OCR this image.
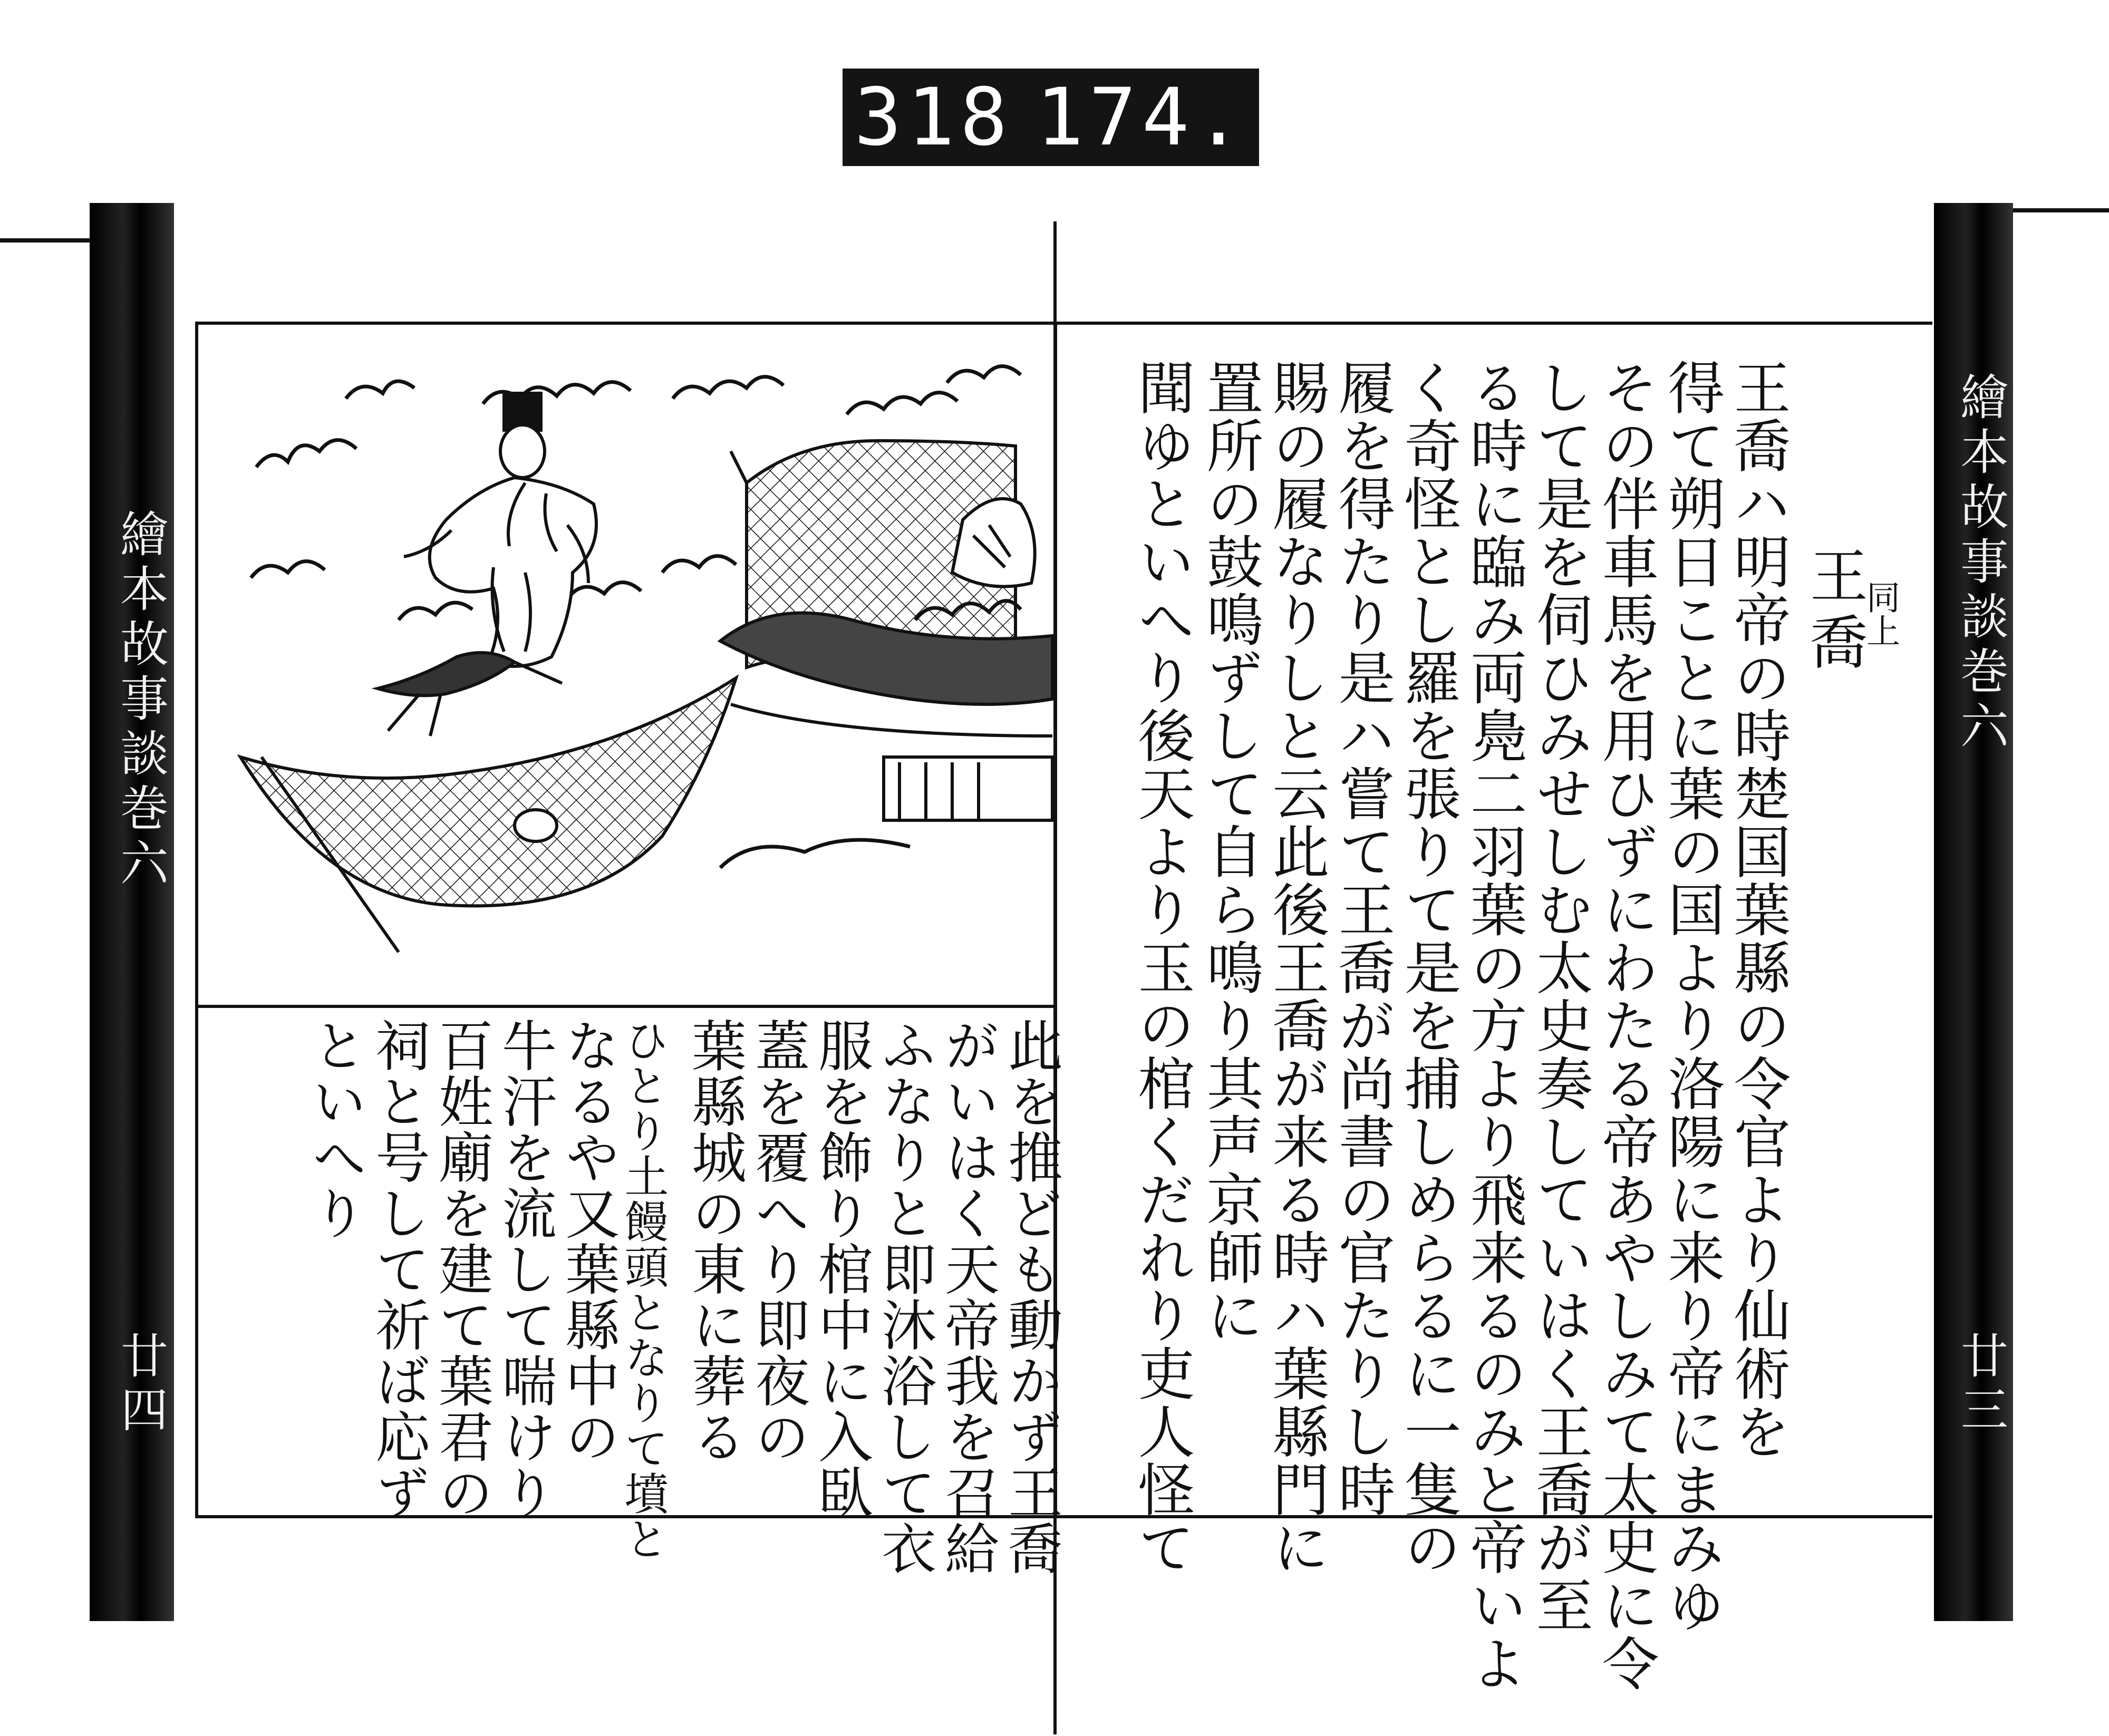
318 174.
繪本故事談巻六
廿四
繪本故事談巻六
廿三
王喬
同上
王喬ハ明帝の時楚国葉縣の令官より仙術を
得て朔日ことに葉の国より洛陽に来り帝にまみゆ
その伴車馬を用ひずにわたる帝あやしみて太史に令
して是を伺ひみせしむ太史奏していはく王喬が至
る時に臨み両鳧二羽葉の方より飛来るのみと帝いよ
く奇怪とし羅を張りて是を捕しめらるに一隻の
履を得たり是ハ嘗て王喬が尚書の官たりし時
賜の履なりしと云此後王喬が来る時ハ葉縣門に
置所の鼓鳴ずして自ら鳴り其声京師に
聞ゆといへり後天より玉の棺くだれり吏人怪て
此を推ども動かず王喬
がいはく天帝我を召給
ふなりと即沐浴して衣
服を飾り棺中に入臥
蓋を覆へり即夜の
葉縣城の東に葬る
ひとり土饅頭となりて墳と
なるや又葉縣中の
牛汗を流して喘けり
百姓廟を建て葉君の
祠と号して祈ば応ず
といへり
